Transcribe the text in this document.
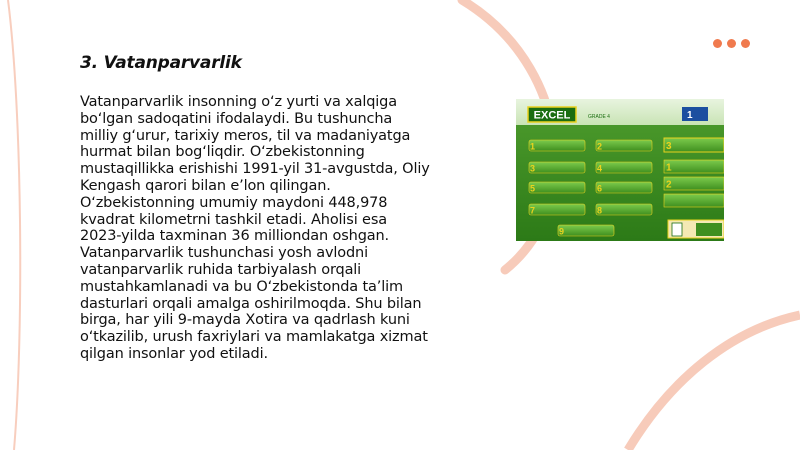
3. Vatanparvarlik

Vatanparvarlik insonning o‘z yurti va xalqiga bo‘lgan sadoqatini ifodalaydi. Bu tushuncha milliy g‘urur, tarixiy meros, til va madaniyatga hurmat bilan bog‘liqdir. O‘zbekistonning mustaqillikka erishishi 1991-yil 31-avgustda, Oliy Kengash qarori bilan e’lon qilingan. O‘zbekistonning umumiy maydoni 448,978 kvadrat kilometrni tashkil etadi. Aholisi esa 2023-yilda taxminan 36 milliondan oshgan. Vatanparvarlik tushunchasi yosh avlodni vatanparvarlik ruhida tarbiyalash orqali mustahkamlanadi va bu O‘zbekistonda ta’lim dasturlari orqali amalga oshirilmoqda. Shu bilan birga, har yili 9-mayda Xotira va qadrlash kuni o‘tkazilib, urush faxriylari va mamlakatga xizmat qilgan insonlar yod etiladi.

EXCEL	GRADE 4	1
1	2
3	4
5	6
7	8
9
3
1
2
